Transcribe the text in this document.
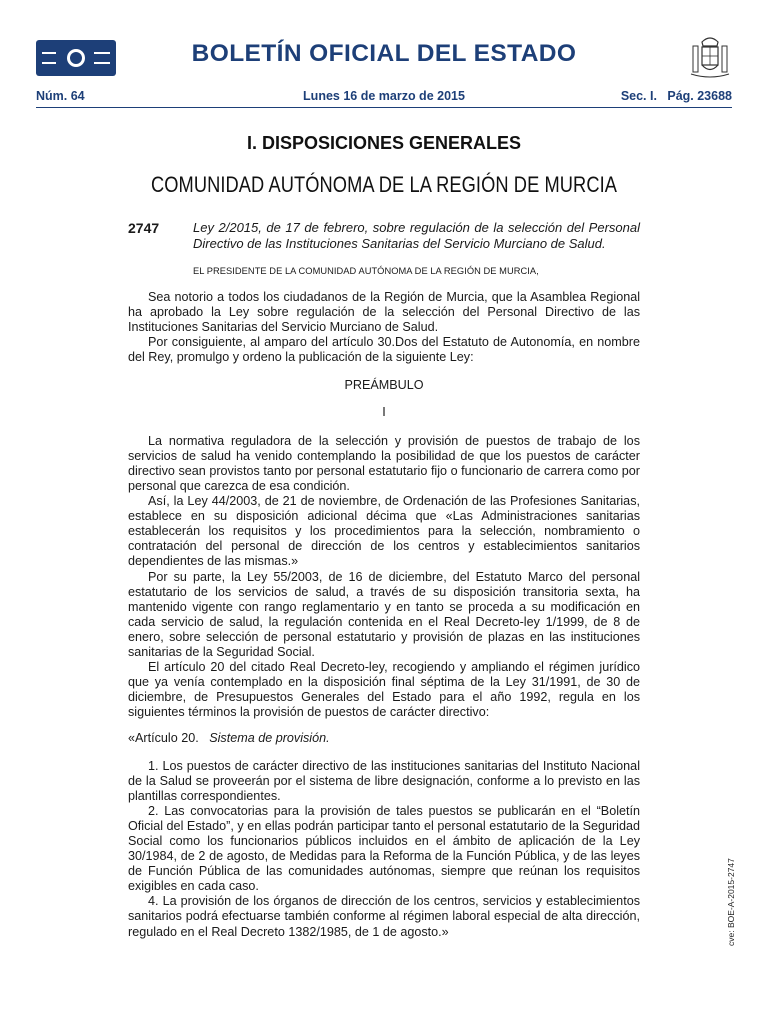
BOLETÍN OFICIAL DEL ESTADO
Núm. 64	Lunes 16 de marzo de 2015	Sec. I.   Pág. 23688
I. DISPOSICIONES GENERALES
COMUNIDAD AUTÓNOMA DE LA REGIÓN DE MURCIA
2747	Ley 2/2015, de 17 de febrero, sobre regulación de la selección del Personal Directivo de las Instituciones Sanitarias del Servicio Murciano de Salud.
EL PRESIDENTE DE LA COMUNIDAD AUTÓNOMA DE LA REGIÓN DE MURCIA,

Sea notorio a todos los ciudadanos de la Región de Murcia, que la Asamblea Regional ha aprobado la Ley sobre regulación de la selección del Personal Directivo de las Instituciones Sanitarias del Servicio Murciano de Salud.

Por consiguiente, al amparo del artículo 30.Dos del Estatuto de Autonomía, en nombre del Rey, promulgo y ordeno la publicación de la siguiente Ley:

PREÁMBULO

I

La normativa reguladora de la selección y provisión de puestos de trabajo de los servicios de salud ha venido contemplando la posibilidad de que los puestos de carácter directivo sean provistos tanto por personal estatutario fijo o funcionario de carrera como por personal que carezca de esa condición.

Así, la Ley 44/2003, de 21 de noviembre, de Ordenación de las Profesiones Sanitarias, establece en su disposición adicional décima que «Las Administraciones sanitarias establecerán los requisitos y los procedimientos para la selección, nombramiento o contratación del personal de dirección de los centros y establecimientos sanitarios dependientes de las mismas.»

Por su parte, la Ley 55/2003, de 16 de diciembre, del Estatuto Marco del personal estatutario de los servicios de salud, a través de su disposición transitoria sexta, ha mantenido vigente con rango reglamentario y en tanto se proceda a su modificación en cada servicio de salud, la regulación contenida en el Real Decreto-ley 1/1999, de 8 de enero, sobre selección de personal estatutario y provisión de plazas en las instituciones sanitarias de la Seguridad Social.

El artículo 20 del citado Real Decreto-ley, recogiendo y ampliando el régimen jurídico que ya venía contemplado en la disposición final séptima de la Ley 31/1991, de 30 de diciembre, de Presupuestos Generales del Estado para el año 1992, regula en los siguientes términos la provisión de puestos de carácter directivo:

«Artículo 20. Sistema de provisión.

1. Los puestos de carácter directivo de las instituciones sanitarias del Instituto Nacional de la Salud se proveerán por el sistema de libre designación, conforme a lo previsto en las plantillas correspondientes.

2. Las convocatorias para la provisión de tales puestos se publicarán en el “Boletín Oficial del Estado”, y en ellas podrán participar tanto el personal estatutario de la Seguridad Social como los funcionarios públicos incluidos en el ámbito de aplicación de la Ley 30/1984, de 2 de agosto, de Medidas para la Reforma de la Función Pública, y de las leyes de Función Pública de las comunidades autónomas, siempre que reúnan los requisitos exigibles en cada caso.

4. La provisión de los órganos de dirección de los centros, servicios y establecimientos sanitarios podrá efectuarse también conforme al régimen laboral especial de alta dirección, regulado en el Real Decreto 1382/1985, de 1 de agosto.»	cve: BOE-A-2015-2747
